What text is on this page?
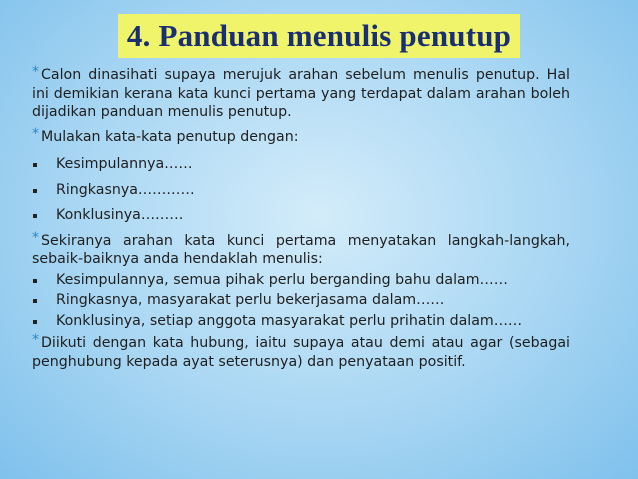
4. Panduan menulis penutup

* Calon dinasihati supaya merujuk arahan sebelum menulis penutup. Hal ini demikian kerana kata kunci pertama yang terdapat dalam arahan boleh dijadikan panduan menulis penutup.

* Mulakan kata-kata penutup dengan:

Kesimpulannya……
Ringkasnya…………
Konklusinya………

* Sekiranya arahan kata kunci pertama menyatakan langkah-langkah, sebaik-baiknya anda hendaklah menulis:

Kesimpulannya, semua pihak perlu berganding bahu dalam……
Ringkasnya, masyarakat perlu bekerjasama dalam……
Konklusinya, setiap anggota masyarakat perlu prihatin dalam……

* Diikuti dengan kata hubung, iaitu supaya atau demi atau agar (sebagai penghubung kepada ayat seterusnya) dan penyataan positif.
